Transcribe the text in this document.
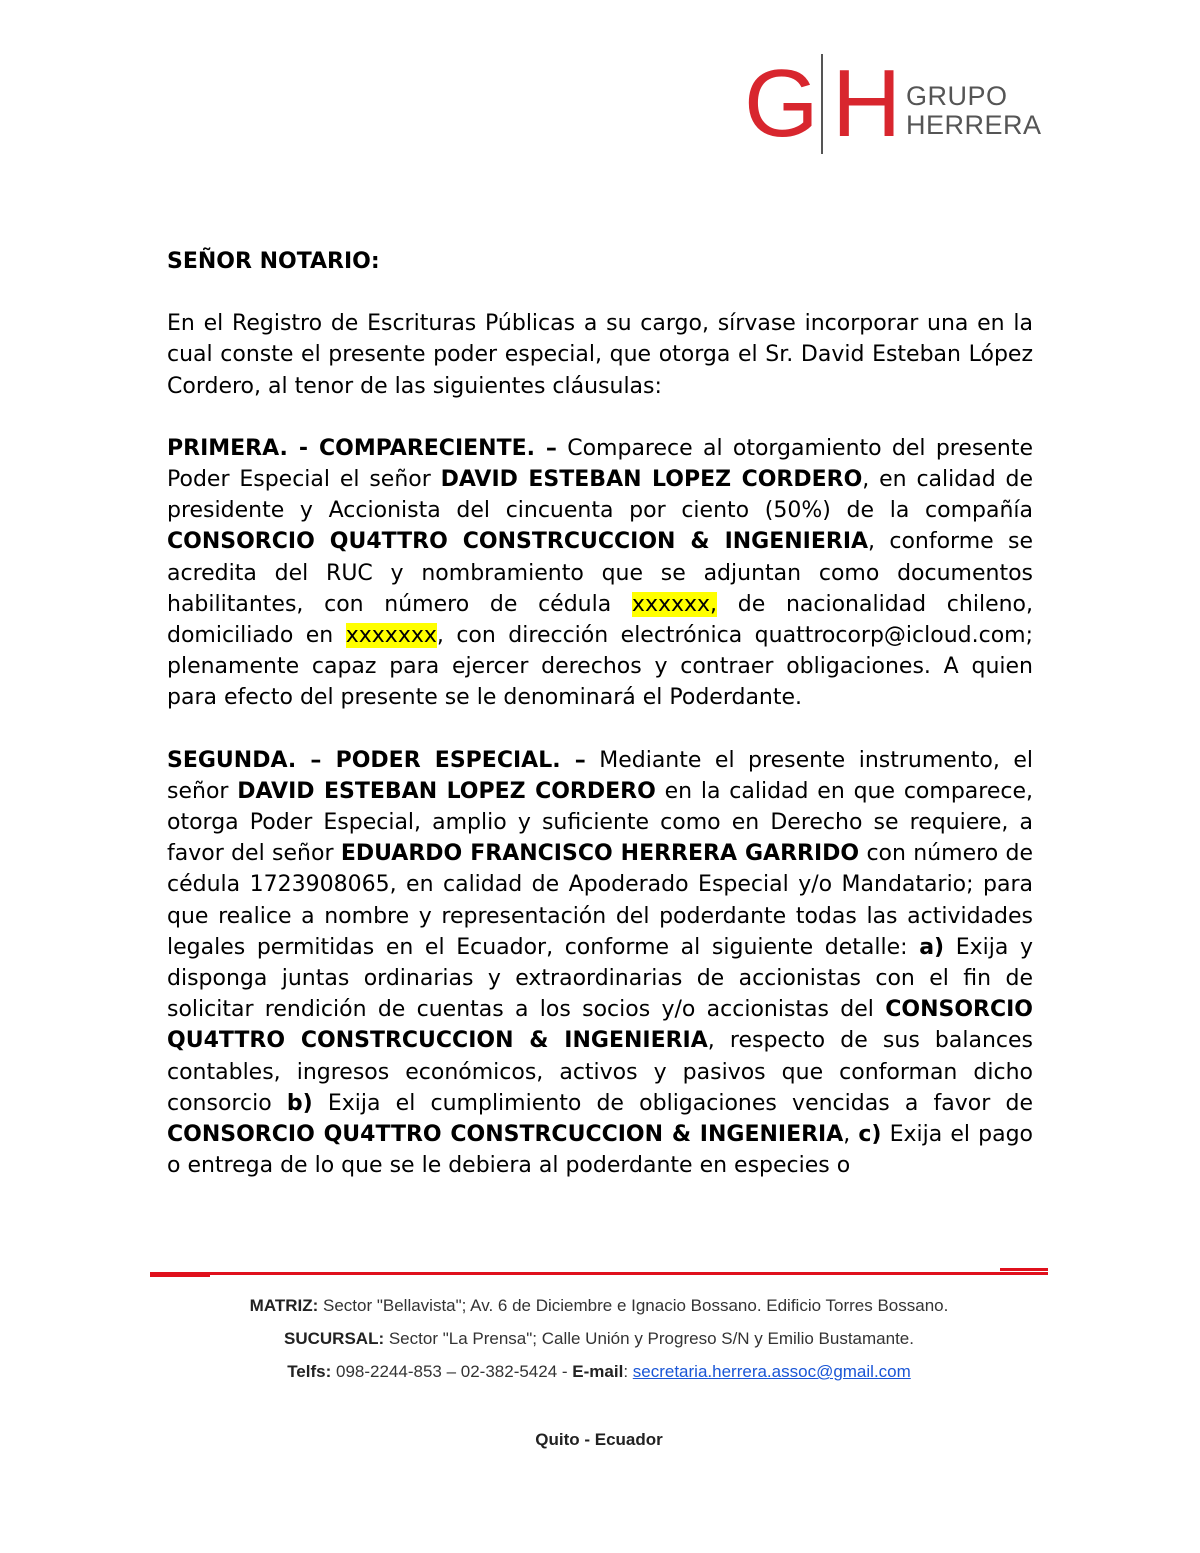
G H GRUPO
HERRERA

SEÑOR NOTARIO:

En el Registro de Escrituras Públicas a su cargo, sírvase incorporar una en la cual conste el presente poder especial, que otorga el Sr. David Esteban López Cordero, al tenor de las siguientes cláusulas:

PRIMERA. - COMPARECIENTE. – Comparece al otorgamiento del presente Poder Especial el señor DAVID ESTEBAN LOPEZ CORDERO, en calidad de presidente y Accionista del cincuenta por ciento (50%) de la compañía CONSORCIO QU4TTRO CONSTRCUCCION & INGENIERIA, conforme se acredita del RUC y nombramiento que se adjuntan como documentos habilitantes, con número de cédula xxxxxx, de nacionalidad chileno, domiciliado en xxxxxxx, con dirección electrónica quattrocorp@icloud.com; plenamente capaz para ejercer derechos y contraer obligaciones. A quien para efecto del presente se le denominará el Poderdante.

SEGUNDA. – PODER ESPECIAL. – Mediante el presente instrumento, el señor DAVID ESTEBAN LOPEZ CORDERO en la calidad en que comparece, otorga Poder Especial, amplio y suficiente como en Derecho se requiere, a favor del señor EDUARDO FRANCISCO HERRERA GARRIDO con número de cédula 1723908065, en calidad de Apoderado Especial y/o Mandatario; para que realice a nombre y representación del poderdante todas las actividades legales permitidas en el Ecuador, conforme al siguiente detalle: a) Exija y disponga juntas ordinarias y extraordinarias de accionistas con el fin de solicitar rendición de cuentas a los socios y/o accionistas del CONSORCIO QU4TTRO CONSTRCUCCION & INGENIERIA, respecto de sus balances contables, ingresos económicos, activos y pasivos que conforman dicho consorcio b) Exija el cumplimiento de obligaciones vencidas a favor de CONSORCIO QU4TTRO CONSTRCUCCION & INGENIERIA, c) Exija el pago o entrega de lo que se le debiera al poderdante en especies o

MATRIZ: Sector "Bellavista"; Av. 6 de Diciembre e Ignacio Bossano. Edificio Torres Bossano.
SUCURSAL: Sector "La Prensa"; Calle Unión y Progreso S/N y Emilio Bustamante.
Telfs: 098-2244-853 – 02-382-5424 - E-mail: secretaria.herrera.assoc@gmail.com
Quito - Ecuador
